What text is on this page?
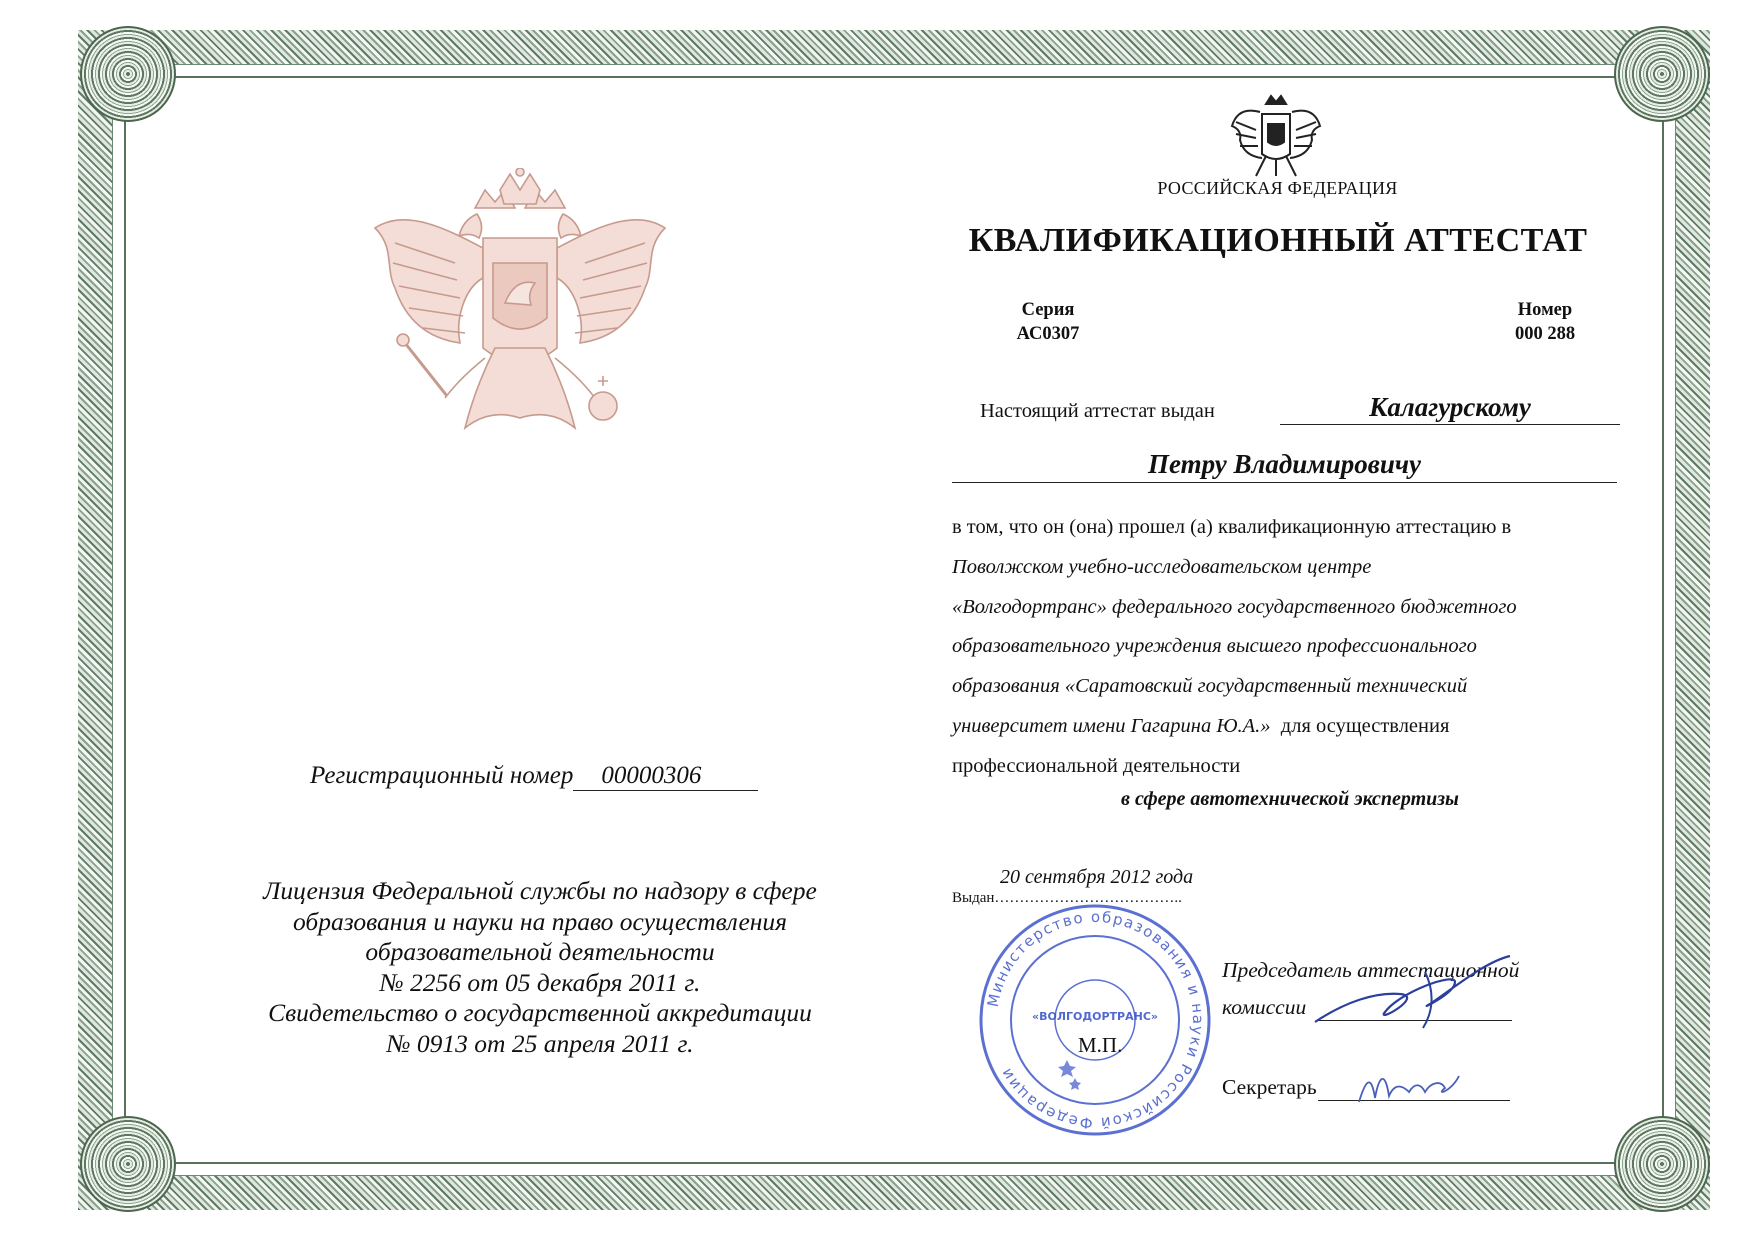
Регистрационный номер 00000306
Лицензия Федеральной службы по надзору в сфере
образования и науки на право осуществления
образовательной деятельности
№ 2256 от 05 декабря 2011 г.
Свидетельство о государственной аккредитации
№ 0913 от 25 апреля 2011 г.
РОССИЙСКАЯ ФЕДЕРАЦИЯ
КВАЛИФИКАЦИОННЫЙ АТТЕСТАТ
Серия
АС0307
Номер
000 288
Настоящий аттестат выдан	Калагурскому
Петру Владимировичу
в том, что он (она) прошел (а) квалификационную аттестацию в
Поволжском учебно-исследовательском центре
«Волгодортранс» федерального государственного бюджетного
образовательного учреждения высшего профессионального
образования «Саратовский государственный технический
университет имени Гагарина Ю.А.»  для осуществления
профессиональной деятельности
в сфере автотехнической экспертизы
20 сентября 2012 года
Выдан………………………………..
Министерство образования и науки Российской Федерации
«ВОЛГОДОРТРАНС»
М.П.
Председатель аттестационной
комиссии
Секретарь
